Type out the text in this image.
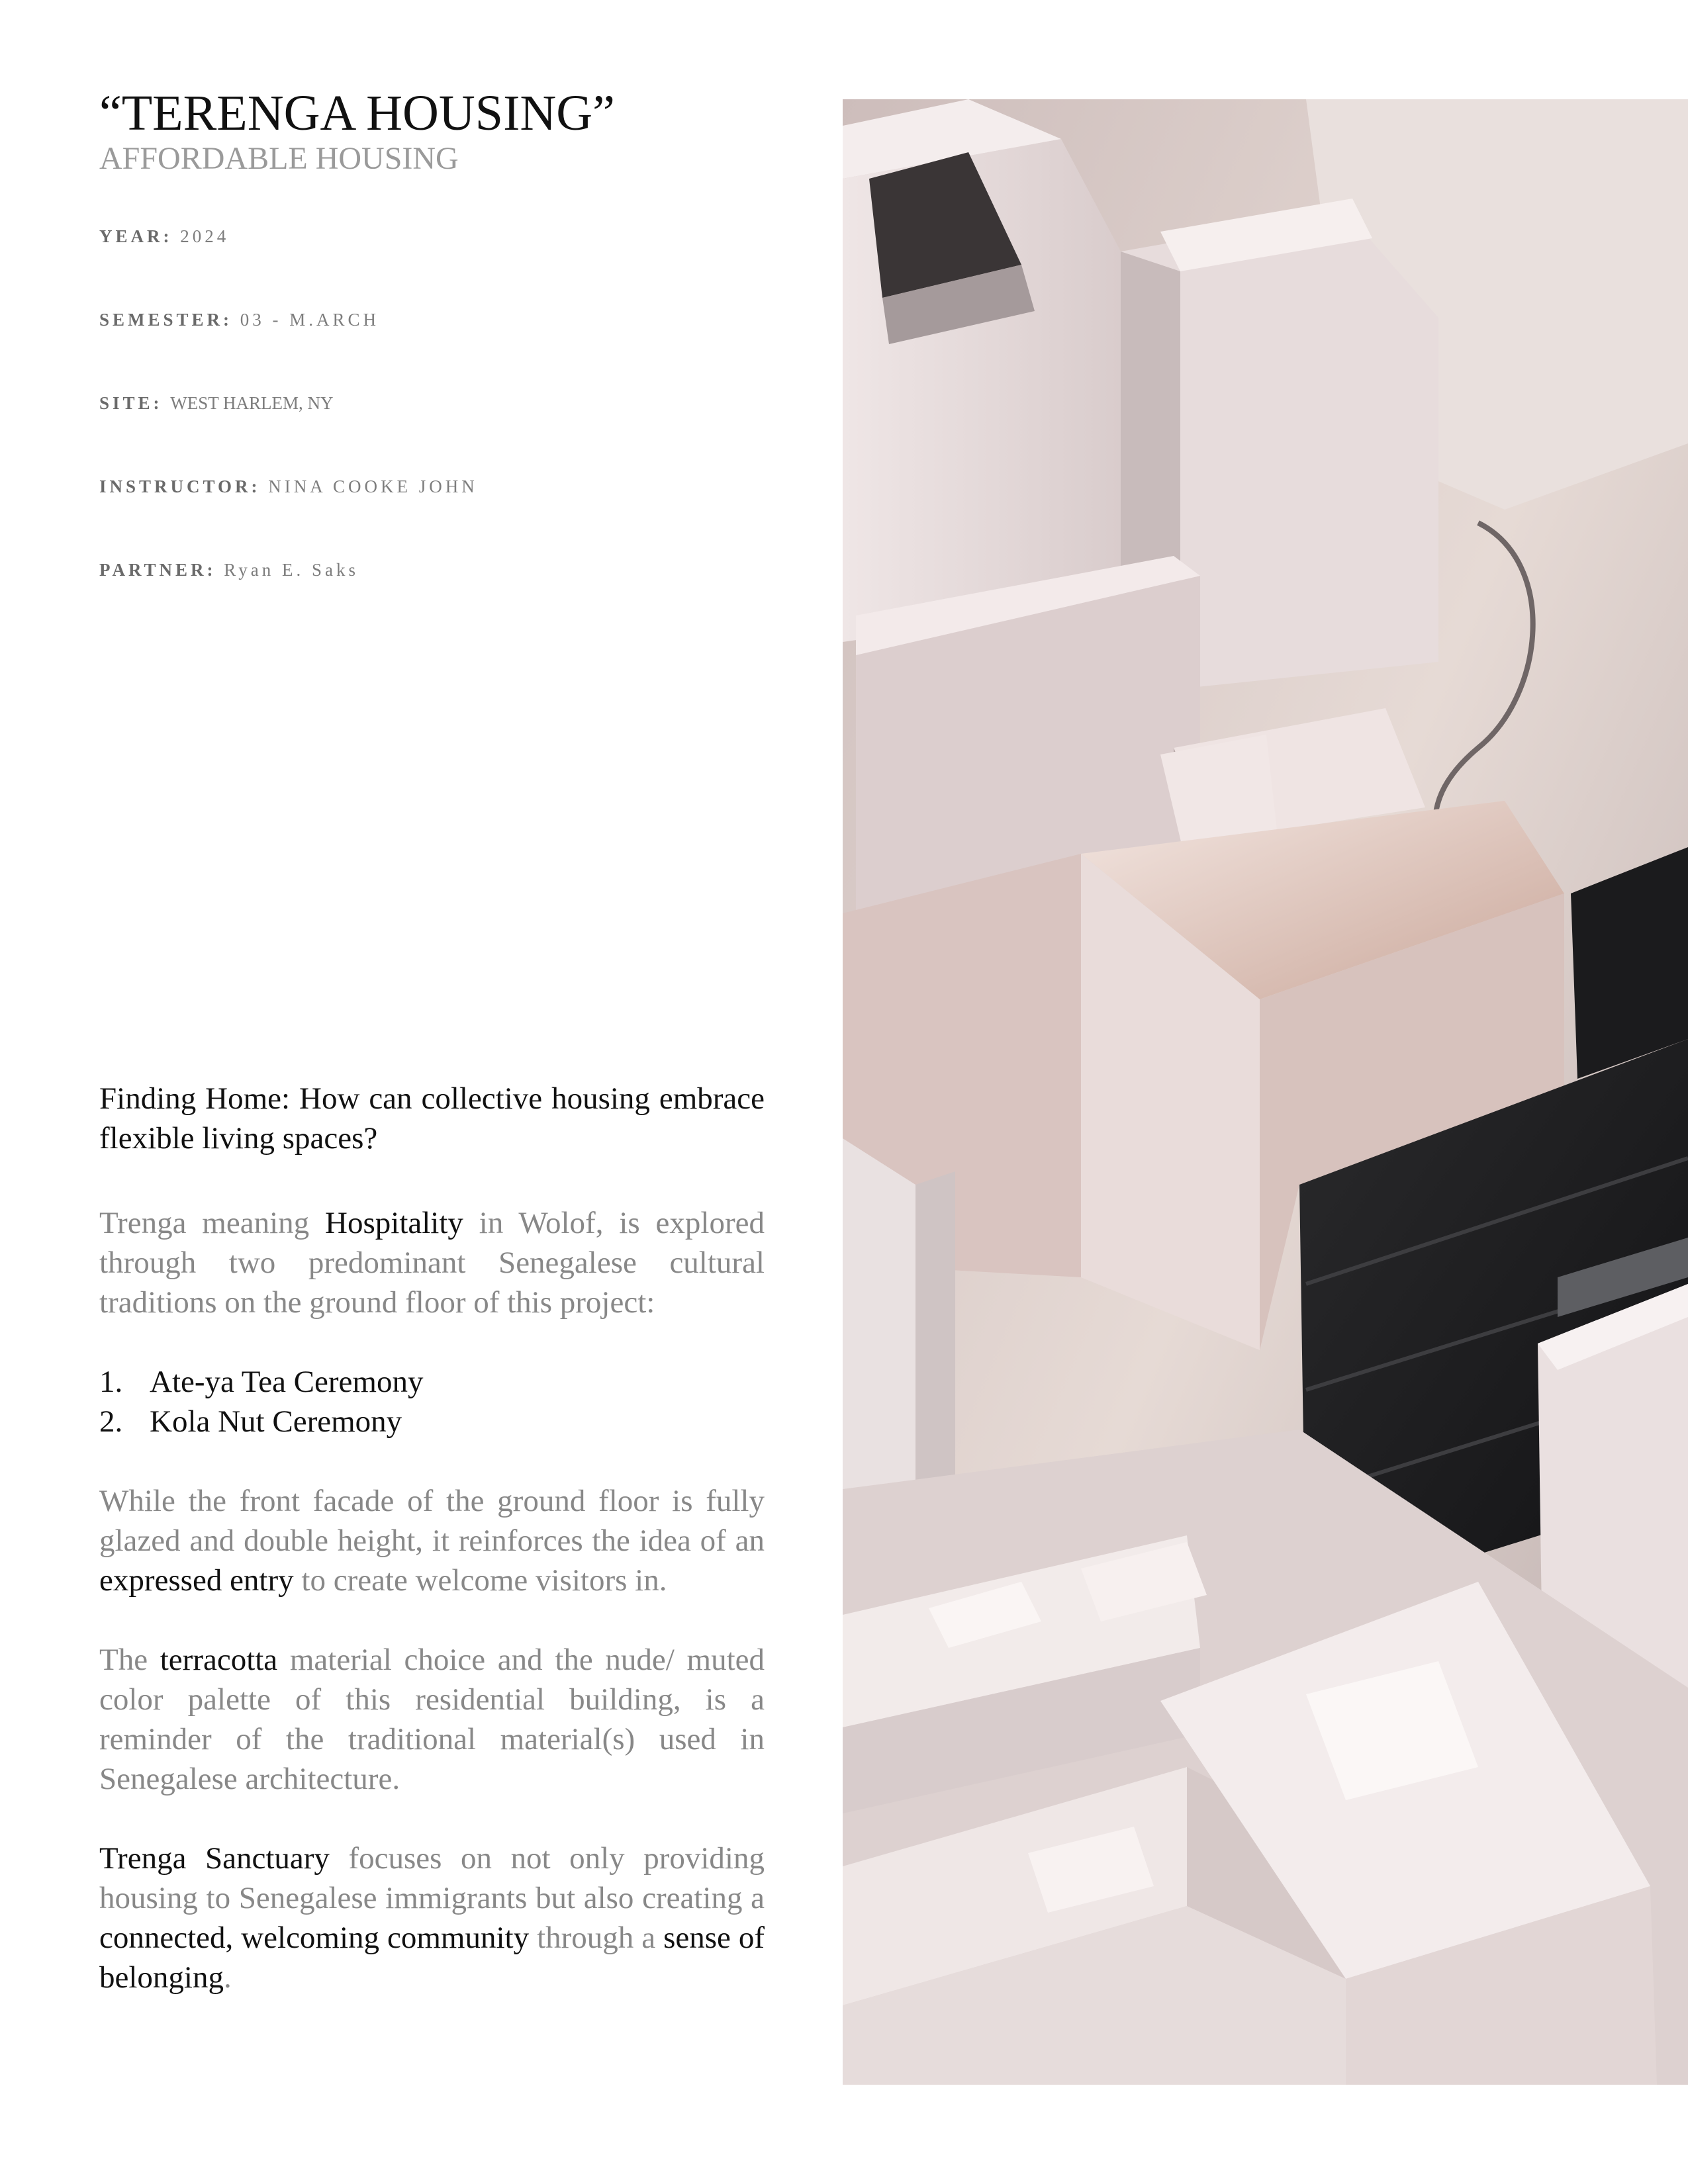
“TERENGA HOUSING”
AFFORDABLE HOUSING
YEAR: 2024
SEMESTER: 03 - M.ARCH
SITE: WEST HARLEM, NY
INSTRUCTOR: NINA COOKE JOHN
PARTNER: Ryan E. Saks
Finding Home: How can collective housing embrace flexible living spaces?
Trenga meaning Hospitality in Wolof, is explored through two predominant Senegalese cultural traditions on the ground floor of this project:
1. Ate-ya Tea Ceremony
2. Kola Nut Ceremony
While the front facade of the ground floor is fully glazed and double height, it reinforces the idea of an expressed entry to create welcome visitors in.
The terracotta material choice and the nude/ muted color palette of this residential building, is a reminder of the traditional material(s) used in Senegalese architecture.
Trenga Sanctuary focuses on not only providing housing to Senegalese immigrants but also creating a connected, welcoming community through a sense of belonging.
